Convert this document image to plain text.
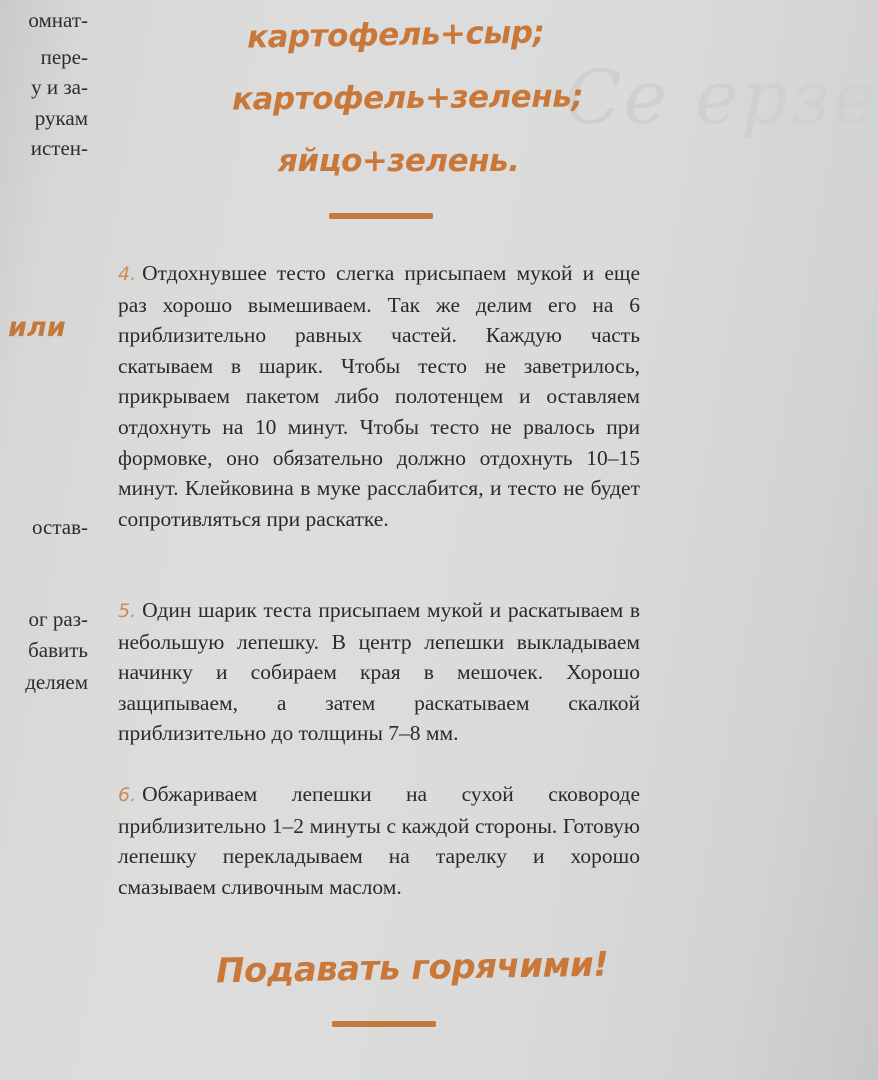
омнат-
пере-
у и за-
рукам
истен-
или
остав-
ог раз-
бавить
деляем
Се ерзе
картофель+сыр;
картофель+зелень;
яйцо+зелень.
4. Отдохнувшее тесто слегка присыпаем мукой и еще раз хорошо вымешиваем. Так же делим его на 6 приблизительно равных частей. Каждую часть скатываем в шарик. Чтобы тесто не заветрилось, прикрываем пакетом либо полотенцем и оставляем отдохнуть на 10 минут. Чтобы тесто не рвалось при формовке, оно обязательно должно отдохнуть 10–15 минут. Клейковина в муке расслабится, и тесто не будет сопротивляться при раскатке.
5. Один шарик теста присыпаем мукой и раскатываем в небольшую лепешку. В центр лепешки выкладываем начинку и собираем края в мешочек. Хорошо защипываем, а затем раскатываем скалкой приблизительно до толщины 7–8 мм.
6. Обжариваем лепешки на сухой сковороде приблизительно 1–2 минуты с каждой стороны. Готовую лепешку перекладываем на тарелку и хорошо смазываем сливочным маслом.
Подавать горячими!
